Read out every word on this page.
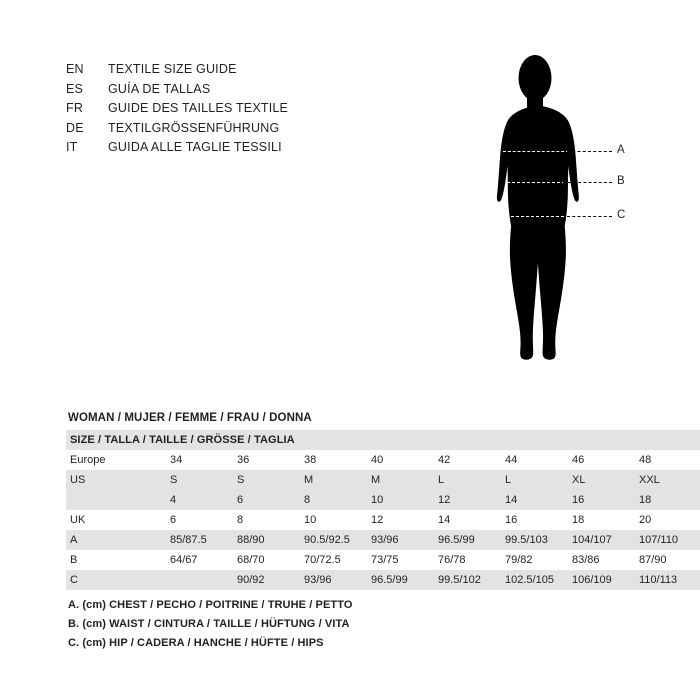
EN	TEXTILE SIZE GUIDE
ES	GUÍA DE TALLAS
FR	GUIDE DES TAILLES TEXTILE
DE	TEXTILGRÖSSENFÜHRUNG
IT	GUIDA ALLE TAGLIE TESSILI	A
B
C
WOMAN / MUJER / FEMME / FRAU / DONNA
SIZE / TALLA / TAILLE / GRÖSSE / TAGLIA								
Europe	34	36	38	40	42	44	46	48
US	S	S	M	M	L	L	XL	XXL
	4	6	8	10	12	14	16	18
UK	6	8	10	12	14	16	18	20
A	85/87.5	88/90	90.5/92.5	93/96	96.5/99	99.5/103	104/107	107/110
B	64/67	68/70	70/72.5	73/75	76/78	79/82	83/86	87/90
C		90/92	93/96	96.5/99	99.5/102	102.5/105	106/109	110/113
A. (cm) CHEST / PECHO / POITRINE / TRUHE / PETTO
B. (cm) WAIST / CINTURA / TAILLE / HÜFTUNG / VITA
C. (cm) HIP / CADERA / HANCHE / HÜFTE / HIPS
